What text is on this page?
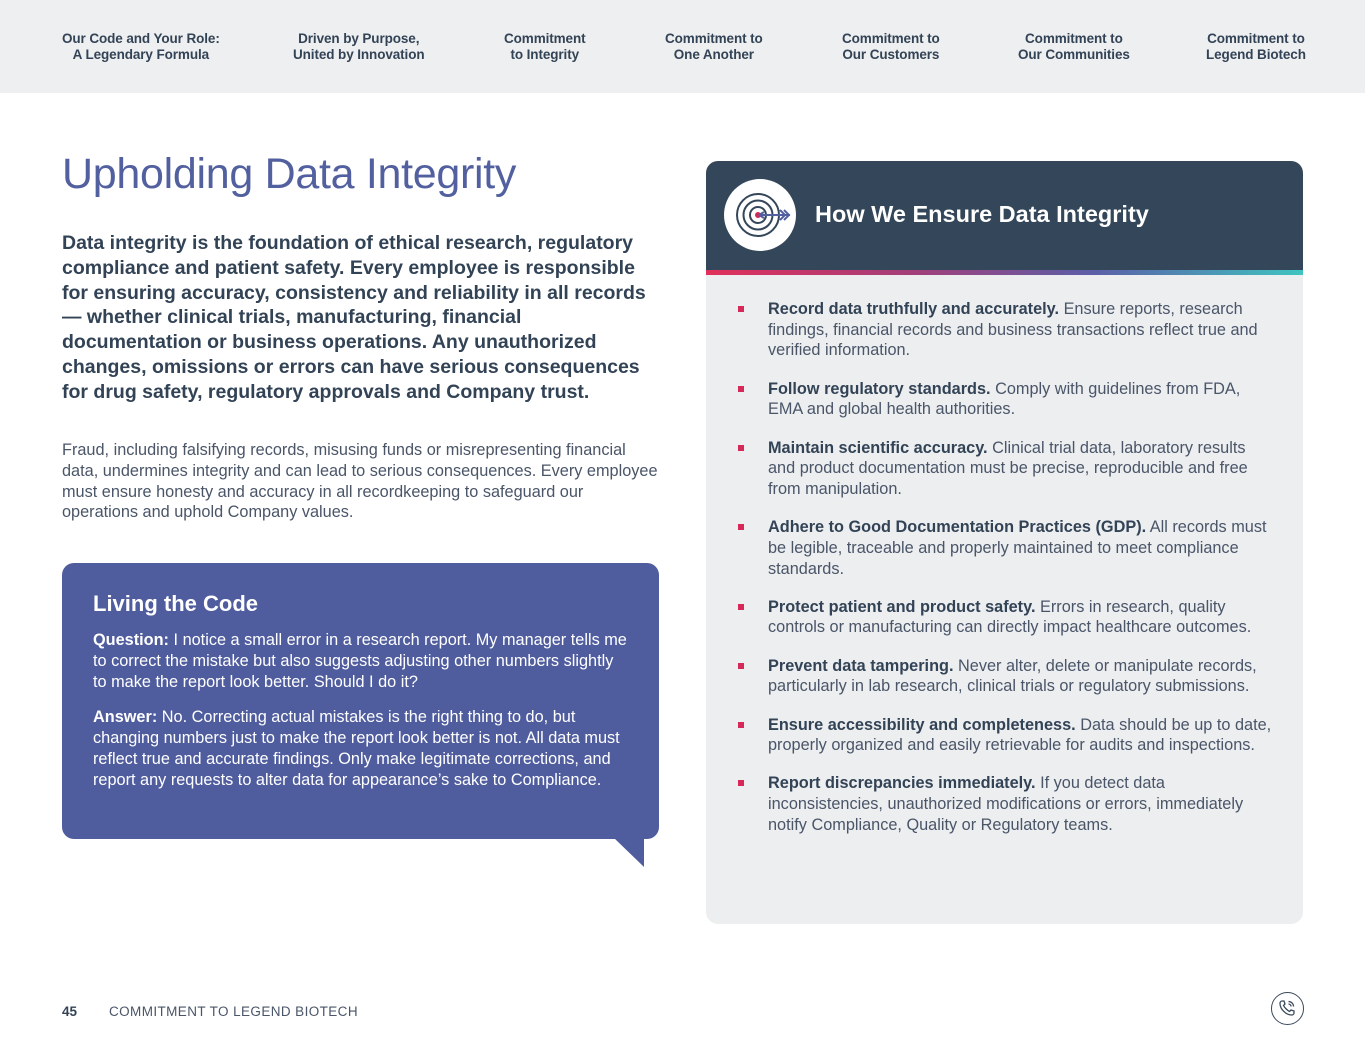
Our Code and Your Role:
A Legendary Formula
Driven by Purpose,
United by Innovation
Commitment
to Integrity
Commitment to
One Another
Commitment to
Our Customers
Commitment to
Our Communities
Commitment to
Legend Biotech
Upholding Data Integrity

Data integrity is the foundation of ethical research, regulatory compliance and patient safety. Every employee is responsible for ensuring accuracy, consistency and reliability in all records — whether clinical trials, manufacturing, financial documentation or business operations. Any unauthorized changes, omissions or errors can have serious consequences for drug safety, regulatory approvals and Company trust.

Fraud, including falsifying records, misusing funds or misrepresenting financial data, undermines integrity and can lead to serious consequences. Every employee must ensure honesty and accuracy in all recordkeeping to safeguard our operations and uphold Company values.

Living the Code

Question: I notice a small error in a research report. My manager tells me to correct the mistake but also suggests adjusting other numbers slightly to make the report look better. Should I do it?

Answer: No. Correcting actual mistakes is the right thing to do, but changing numbers just to make the report look better is not. All data must reflect true and accurate findings. Only make legitimate corrections, and report any requests to alter data for appearance’s sake to Compliance.

How We Ensure Data Integrity
Record data truthfully and accurately. Ensure reports, research findings, financial records and business transactions reflect true and verified information.
Follow regulatory standards. Comply with guidelines from FDA, EMA and global health authorities.
Maintain scientific accuracy. Clinical trial data, laboratory results and product documentation must be precise, reproducible and free from manipulation.
Adhere to Good Documentation Practices (GDP). All records must be legible, traceable and properly maintained to meet compliance standards.
Protect patient and product safety. Errors in research, quality controls or manufacturing can directly impact healthcare outcomes.
Prevent data tampering. Never alter, delete or manipulate records, particularly in lab research, clinical trials or regulatory submissions.
Ensure accessibility and completeness. Data should be up to date, properly organized and easily retrievable for audits and inspections.
Report discrepancies immediately. If you detect data inconsistencies, unauthorized modifications or errors, immediately notify Compliance, Quality or Regulatory teams.
45 COMMITMENT TO LEGEND BIOTECH
